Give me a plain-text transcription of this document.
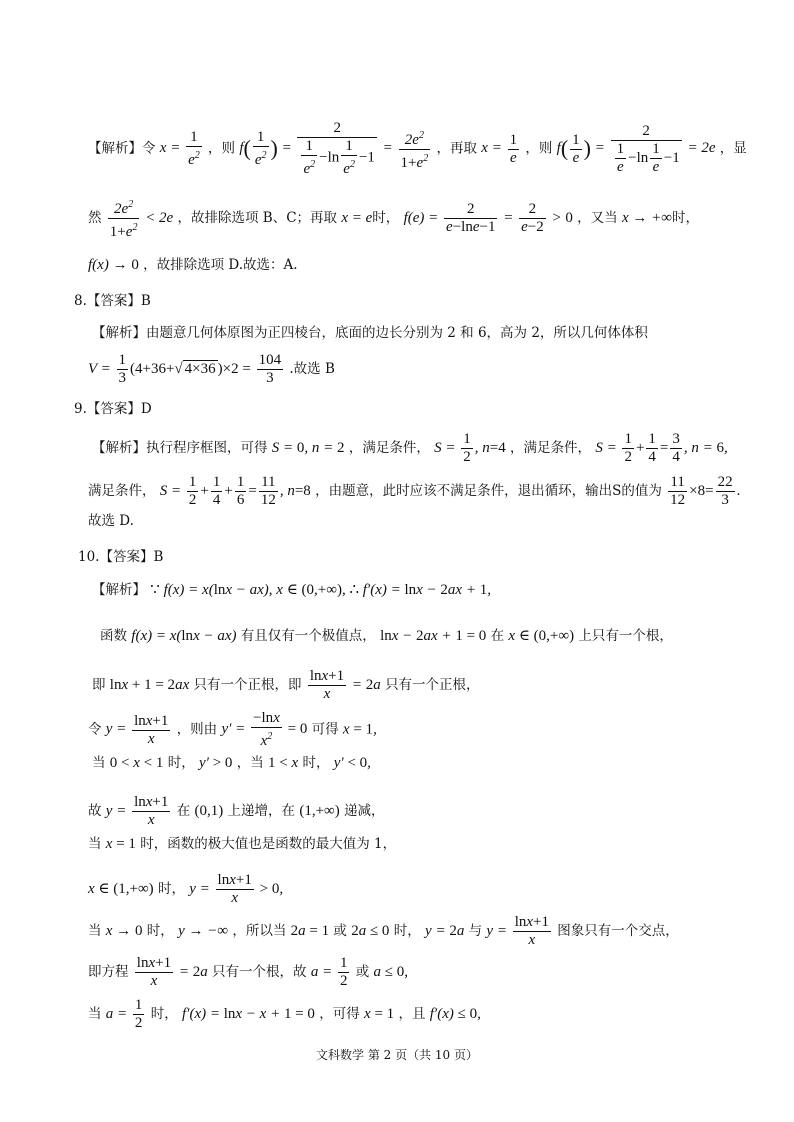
【解析】令 $x = \frac{1}{e^2}$ ，则 $f( \frac{1}{e^2}$ ) = $\frac{2}{\frac{1}{e^2} -\ln \frac{1}{e^2} -1} = \frac{2e^2}{1+e^2}$ ，再取 $x = \frac{1}{e}$ ，则 $f( \frac{1}{e}$ ) = $\frac{2}{\frac{1}{e} -\ln \frac{1}{e} -1} = 2e$ ，显
然 $\frac{2e^2}{1+e^2} < 2e$ ，故排除选项 B、C；再取 x = e时， $f(e) = \frac{2}{e-\ln e-1} = \frac{2}{e-2} > 0$ ，又当 x → +∞时，
f(x) → 0 ，故排除选项 D.故选：A.
8.【答案】B
【解析】由题意几何体原图为正四棱台，底面的边长分别为 2 和 6，高为 2，所以几何体体积
$V = \frac{1}{3} (4+36+√$ 4×36 )$\times 2 = \frac{104}{3}$ .故选 B
9.【答案】D
【解析】执行程序框图，可得 S = 0, n = 2 ，满足条件， $S = \frac{1}{2}$ , n=4 ，满足条件， $S = \frac{1}{2} + \frac{1}{4} = \frac{3}{4}$ , n = 6,
满足条件， $S = \frac{1}{2} + \frac{1}{4} + \frac{1}{6} = \frac{11}{12}$ , n=8 ，由题意，此时应该不满足条件，退出循环，输出S的值为 $\frac{11}{12} \times 8= \frac{22}{3}$ .
故选 D.
10.【答案】B
【解析】 ∵ f(x) = x(lnx − ax), x ∈ (0,+∞), ∴ f′(x) = lnx − 2ax + 1,
函数 f(x) = x(lnx − ax) 有且仅有一个极值点， lnx − 2ax + 1 = 0 在 x ∈ (0,+∞) 上只有一个根，
即 lnx + 1 = 2ax 只有一个正根，即 $\frac{\ln x+1}{x} = 2a$ 只有一个正根，
令 $y = \frac{\ln x+1}{x}$ ，则由 $y' = \frac{-\ln x}{x^2} = 0$ 可得 x = 1,
当 0 < x < 1 时， y′ > 0 ，当 1 < x 时， y′ < 0,
故 $y = \frac{\ln x+1}{x}$ 在 (0,1) 上递增，在 (1,+∞) 递减，
当 x = 1 时，函数的极大值也是函数的最大值为 1，
x ∈ (1,+∞) 时， $y = \frac{\ln x+1}{x} > 0$,
当 x → 0 时， y → −∞ ，所以当 2a = 1 或 2a ≤ 0 时， y = 2a 与 $y = \frac{\ln x+1}{x}$ 图象只有一个交点，
即方程 $\frac{\ln x+1}{x} = 2a$ 只有一个根，故 $a = \frac{1}{2}$ 或 a ≤ 0,
当 $a = \frac{1}{2}$ 时， f′(x) = lnx − x + 1 = 0 ，可得 x = 1 ，且 f′(x) ≤ 0,
文科数学 第 2 页（共 10 页）
